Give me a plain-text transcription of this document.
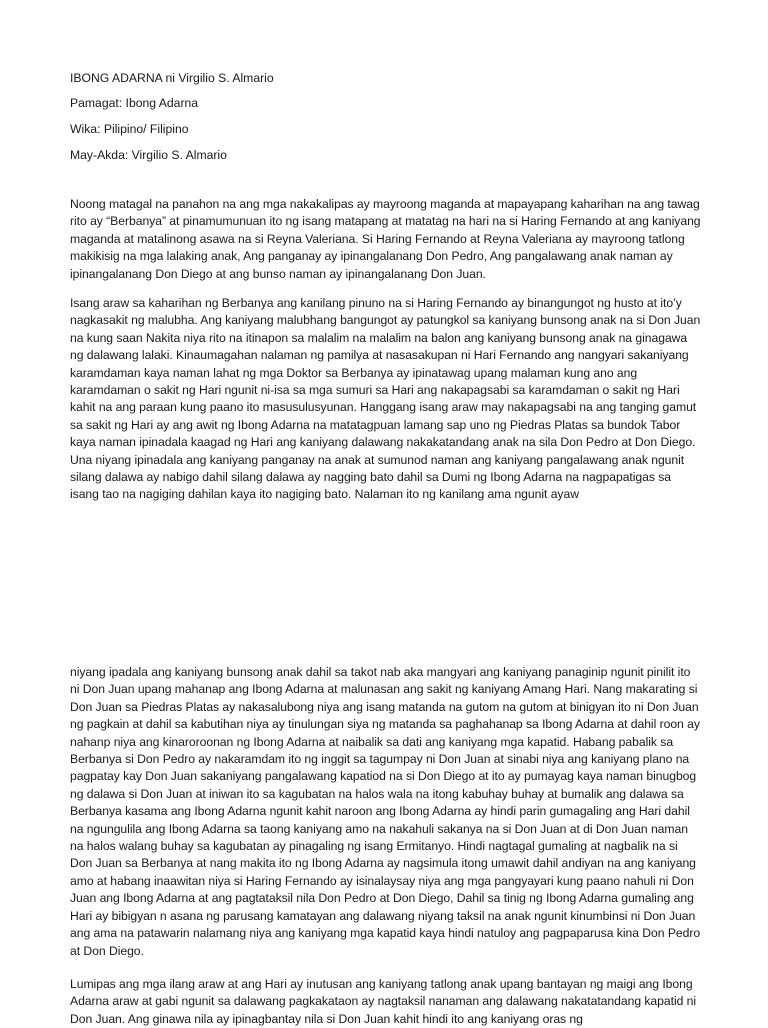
IBONG ADARNA ni Virgilio S. Almario
Pamagat: Ibong Adarna
Wika: Pilipino/ Filipino
May-Akda: Virgilio S. Almario

Noong matagal na panahon na ang mga nakakalipas ay mayroong maganda at mapayapang kaharihan na ang tawag rito ay “Berbanya” at pinamumunuan ito ng isang matapang at matatag na hari na si Haring Fernando at ang kaniyang maganda at matalinong asawa na si Reyna Valeriana. Si Haring Fernando at Reyna Valeriana ay mayroong tatlong makikisig na mga lalaking anak, Ang panganay ay ipinangalanang Don Pedro, Ang pangalawang anak naman ay ipinangalanang Don Diego at ang bunso naman ay ipinangalanang Don Juan.

Isang araw sa kaharihan ng Berbanya ang kanilang pinuno na si Haring Fernando ay binangungot ng husto at ito’y nagkasakit ng malubha. Ang kaniyang malubhang bangungot ay patungkol sa kaniyang bunsong anak na si Don Juan na kung saan Nakita niya rito na itinapon sa malalim na malalim na balon ang kaniyang bunsong anak na ginagawa ng dalawang lalaki. Kinaumagahan nalaman ng pamilya at nasasakupan ni Hari Fernando ang nangyari sakaniyang karamdaman kaya naman lahat ng mga Doktor sa Berbanya ay ipinatawag upang malaman kung ano ang karamdaman o sakit ng Hari ngunit ni-isa sa mga sumuri sa Hari ang nakapagsabi sa karamdaman o sakit ng Hari kahit na ang paraan kung paano ito masusulusyunan. Hanggang isang araw may nakapagsabi na ang tanging gamut sa sakit ng Hari ay ang awit ng Ibong Adarna na matatagpuan lamang sap uno ng Piedras Platas sa bundok Tabor kaya naman ipinadala kaagad ng Hari ang kaniyang dalawang nakakatandang anak na sila Don Pedro at Don Diego. Una niyang ipinadala ang kaniyang panganay na anak at sumunod naman ang kaniyang pangalawang anak ngunit silang dalawa ay nabigo dahil silang dalawa ay nagging bato dahil sa Dumi ng Ibong Adarna na nagpapatigas sa isang tao na nagiging dahilan kaya ito nagiging bato. Nalaman ito ng kanilang ama ngunit ayaw

niyang ipadala ang kaniyang bunsong anak dahil sa takot nab aka mangyari ang kaniyang panaginip ngunit pinilit ito ni Don Juan upang mahanap ang Ibong Adarna at malunasan ang sakit ng kaniyang Amang Hari. Nang makarating si Don Juan sa Piedras Platas ay nakasalubong niya ang isang matanda na gutom na gutom at binigyan ito ni Don Juan ng pagkain at dahil sa kabutihan niya ay tinulungan siya ng matanda sa paghahanap sa Ibong Adarna at dahil roon ay nahanp niya ang kinaroroonan ng Ibong Adarna at naibalik sa dati ang kaniyang mga kapatid. Habang pabalik sa Berbanya si Don Pedro ay nakaramdam ito ng inggit sa tagumpay ni Don Juan at sinabi niya ang kaniyang plano na pagpatay kay Don Juan sakaniyang pangalawang kapatiod na si Don Diego at ito ay pumayag kaya naman binugbog ng dalawa si Don Juan at iniwan ito sa kagubatan na halos wala na itong kabuhay buhay at bumalik ang dalawa sa Berbanya kasama ang Ibong Adarna ngunit kahit naroon ang Ibong Adarna ay hindi parin gumagaling ang Hari dahil na ngungulila ang Ibong Adarna sa taong kaniyang amo na nakahuli sakanya na si Don Juan at di Don Juan naman na halos walang buhay sa kagubatan ay pinagaling ng isang Ermitanyo. Hindi nagtagal gumaling at nagbalik na si Don Juan sa Berbanya at nang makita ito ng Ibong Adarna ay nagsimula itong umawit dahil andiyan na ang kaniyang amo at habang inaawitan niya si Haring Fernando ay isinalaysay niya ang mga pangyayari kung paano nahuli ni Don Juan ang Ibong Adarna at ang pagtataksil nila Don Pedro at Don Diego, Dahil sa tinig ng Ibong Adarna gumaling ang Hari ay bibigyan n asana ng parusang kamatayan ang dalawang niyang taksil na anak ngunit kinumbinsi ni Don Juan ang ama na patawarin nalamang niya ang kaniyang mga kapatid kaya hindi natuloy ang pagpaparusa kina Don Pedro at Don Diego.

Lumipas ang mga ilang araw at ang Hari ay inutusan ang kaniyang tatlong anak upang bantayan ng maigi ang Ibong Adarna araw at gabi ngunit sa dalawang pagkakataon ay nagtaksil nanaman ang dalawang nakatatandang kapatid ni Don Juan. Ang ginawa nila ay ipinagbantay nila si Don Juan kahit hindi ito ang kaniyang oras ng
